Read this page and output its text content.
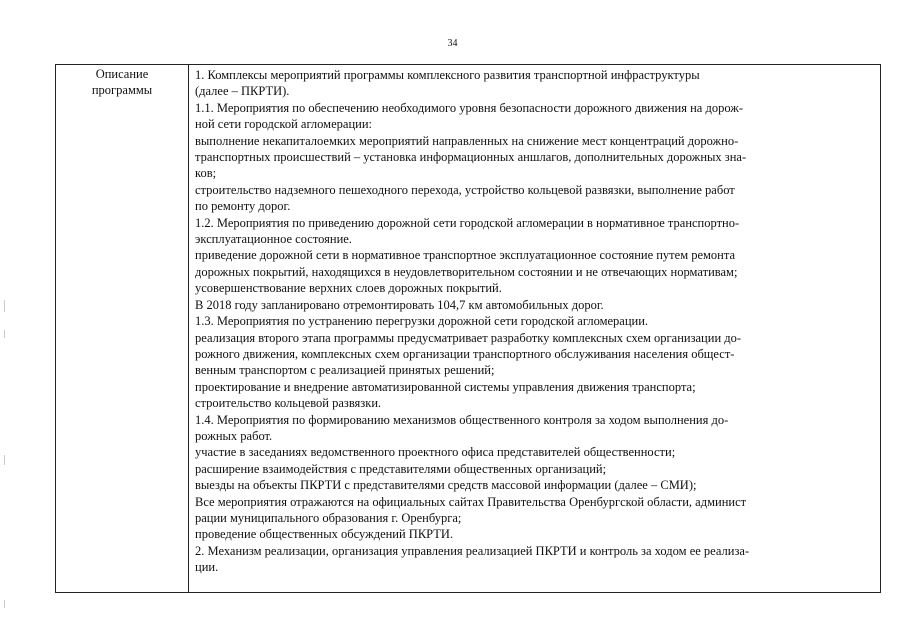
34
Описание
программы
1. Комплексы мероприятий программы комплексного развития транспортной инфраструктуры
(далее – ПКРТИ).
1.1. Мероприятия по обеспечению необходимого уровня безопасности дорожного движения на дорож-
ной сети городской агломерации:
выполнение некапиталоемких мероприятий направленных на снижение мест концентраций дорожно-
транспортных происшествий – установка информационных аншлагов, дополнительных дорожных зна-
ков;
строительство надземного пешеходного перехода, устройство кольцевой развязки, выполнение работ
по ремонту дорог.
1.2. Мероприятия по приведению дорожной сети городской агломерации в нормативное транспортно-
эксплуатационное состояние.
приведение дорожной сети в нормативное транспортное эксплуатационное состояние путем ремонта
дорожных покрытий, находящихся в неудовлетворительном состоянии и не отвечающих нормативам;
усовершенствование верхних слоев дорожных покрытий.
В 2018 году запланировано отремонтировать 104,7 км автомобильных дорог.
1.3. Мероприятия по устранению перегрузки дорожной сети городской агломерации.
реализация второго этапа программы предусматривает разработку комплексных схем организации до-
рожного движения, комплексных схем организации транспортного обслуживания населения общест-
венным транспортом с реализацией принятых решений;
проектирование и внедрение автоматизированной системы управления движения транспорта;
строительство кольцевой развязки.
1.4. Мероприятия по формированию механизмов общественного контроля за ходом выполнения до-
рожных работ.
участие в заседаниях ведомственного проектного офиса представителей общественности;
расширение взаимодействия с представителями общественных организаций;
выезды на объекты ПКРТИ с представителями средств массовой информации (далее – СМИ);
Все мероприятия отражаются на официальных сайтах Правительства Оренбургской области, админист
рации муниципального образования г. Оренбурга;
проведение общественных обсуждений ПКРТИ.
2. Механизм реализации, организация управления реализацией ПКРТИ и контроль за ходом ее реализа-
ции.
